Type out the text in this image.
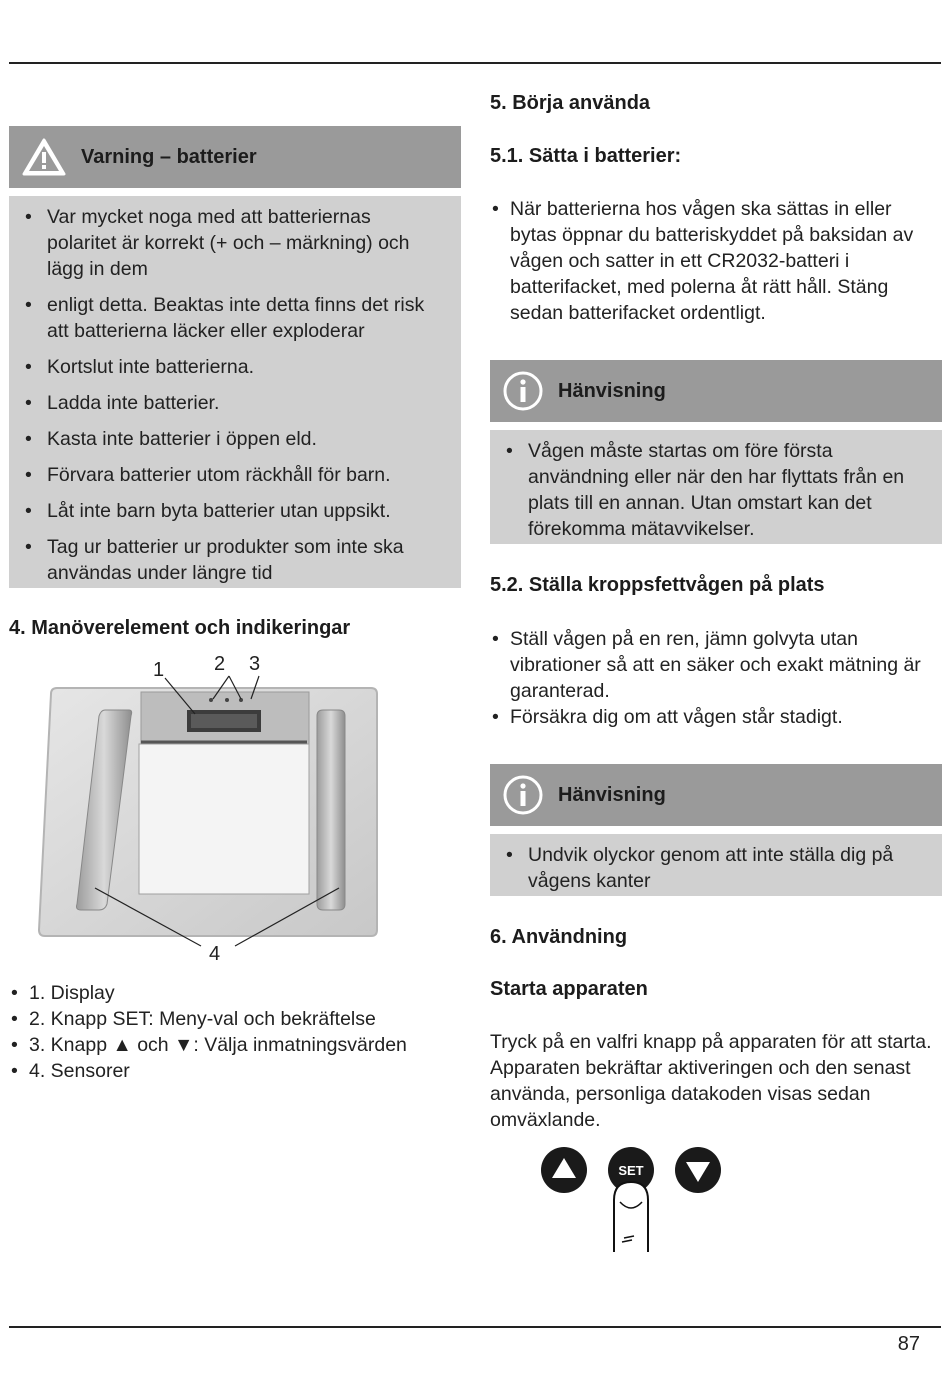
Varning – batterier
• Var mycket noga med att batteriernas polaritet är korrekt (+ och – märkning) och lägg in dem
• enligt detta. Beaktas inte detta finns det risk att batterierna läcker eller exploderar
• Kortslut inte batterierna.
• Ladda inte batterier.
• Kasta inte batterier i öppen eld.
• Förvara batterier utom räckhåll för barn.
• Låt inte barn byta batterier utan uppsikt.
• Tag ur batterier ur produkter som inte ska användas under längre tid
4. Manöverelement och indikeringar
1 2 3
4
• 1. Display
• 2. Knapp SET: Meny-val och bekräftelse
• 3. Knapp ▲ och ▼: Välja inmatningsvärden
• 4. Sensorer
5. Börja använda
5.1. Sätta i batterier:
• När batterierna hos vågen ska sättas in eller bytas öppnar du batteriskyddet på baksidan av vågen och satter in ett CR2032-batteri i batterifacket, med polerna åt rätt håll. Stäng sedan batterifacket ordentligt.
Hänvisning
• Vågen måste startas om före första användning eller när den har flyttats från en plats till en annan. Utan omstart kan det förekomma mätavvikelser.
5.2. Ställa kroppsfettvågen på plats
• Ställ vågen på en ren, jämn golvyta utan vibrationer så att en säker och exakt mätning är garanterad.
• Försäkra dig om att vågen står stadigt.
Hänvisning
• Undvik olyckor genom att inte ställa dig på vågens kanter
6. Användning
Starta apparaten
Tryck på en valfri knapp på apparaten för att starta. Apparaten bekräftar aktiveringen och den senast använda, personliga datakoden visas sedan omväxlande.
SET
87
